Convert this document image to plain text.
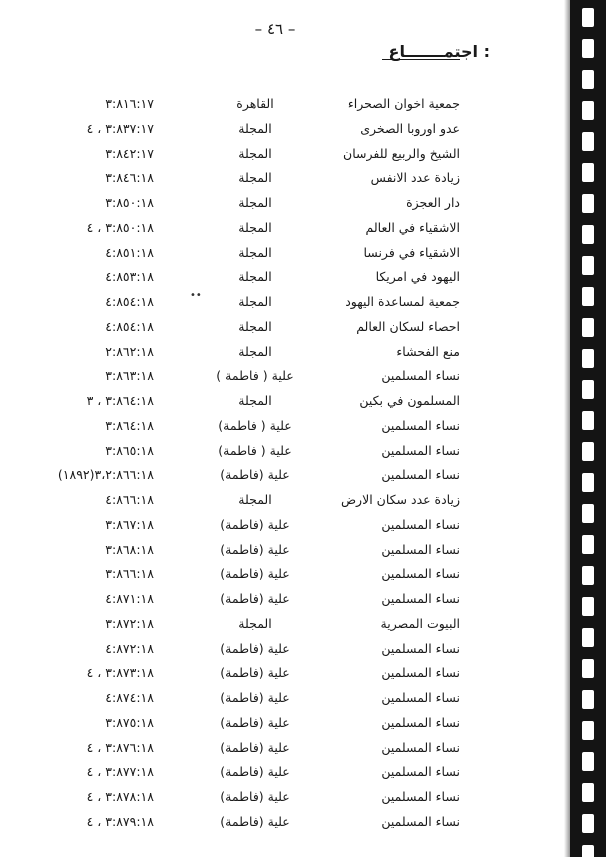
– ٤٦ –
اجتمـــــــاع :
••
جمعية اخوان الصحراء
القاهرة
٣:٨١٦:١٧
عدو اوروبا الصخرى
المجلة
٣:٨٣٧:١٧ ، ٤
الشيخ والربيع للفرسان
المجلة
٣:٨٤٢:١٧
زيادة عدد الانفس
المجلة
٣:٨٤٦:١٨
دار العجزة
المجلة
٣:٨٥٠:١٨
الاشقياء في العالم
المجلة
٣:٨٥٠:١٨ ، ٤
الاشقياء في فرنسا
المجلة
٤:٨٥١:١٨
اليهود في امريكا
المجلة
٤:٨٥٣:١٨
جمعية لمساعدة اليهود
المجلة
٤:٨٥٤:١٨
احصاء لسكان العالم
المجلة
٤:٨٥٤:١٨
منع الفحشاء
المجلة
٢:٨٦٢:١٨
نساء المسلمين
علية ( فاطمة )
٣:٨٦٣:١٨
المسلمون في بكين
المجلة
٣:٨٦٤:١٨ ، ٣
نساء المسلمين
علية ( فاطمة)
٣:٨٦٤:١٨
نساء المسلمين
علية ( فاطمة)
٣:٨٦٥:١٨
نساء المسلمين
علية (فاطمة)
٣،٢:٨٦٦:١٨(١٨٩٢)
زيادة عدد سكان الارض
المجلة
٤:٨٦٦:١٨
نساء المسلمين
علية (فاطمة)
٣:٨٦٧:١٨
نساء المسلمين
علية (فاطمة)
٣:٨٦٨:١٨
نساء المسلمين
علية (فاطمة)
٣:٨٦٦:١٨
نساء المسلمين
علية (فاطمة)
٤:٨٧١:١٨
البيوت المصرية
المجلة
٣:٨٧٢:١٨
نساء المسلمين
علية (فاطمة)
٤:٨٧٢:١٨
نساء المسلمين
علية (فاطمة)
٣:٨٧٣:١٨ ، ٤
نساء المسلمين
علية (فاطمة)
٤:٨٧٤:١٨
نساء المسلمين
علية (فاطمة)
٣:٨٧٥:١٨
نساء المسلمين
علية (فاطمة)
٣:٨٧٦:١٨ ، ٤
نساء المسلمين
علية (فاطمة)
٣:٨٧٧:١٨ ، ٤
نساء المسلمين
علية (فاطمة)
٣:٨٧٨:١٨ ، ٤
نساء المسلمين
علية (فاطمة)
٣:٨٧٩:١٨ ، ٤
